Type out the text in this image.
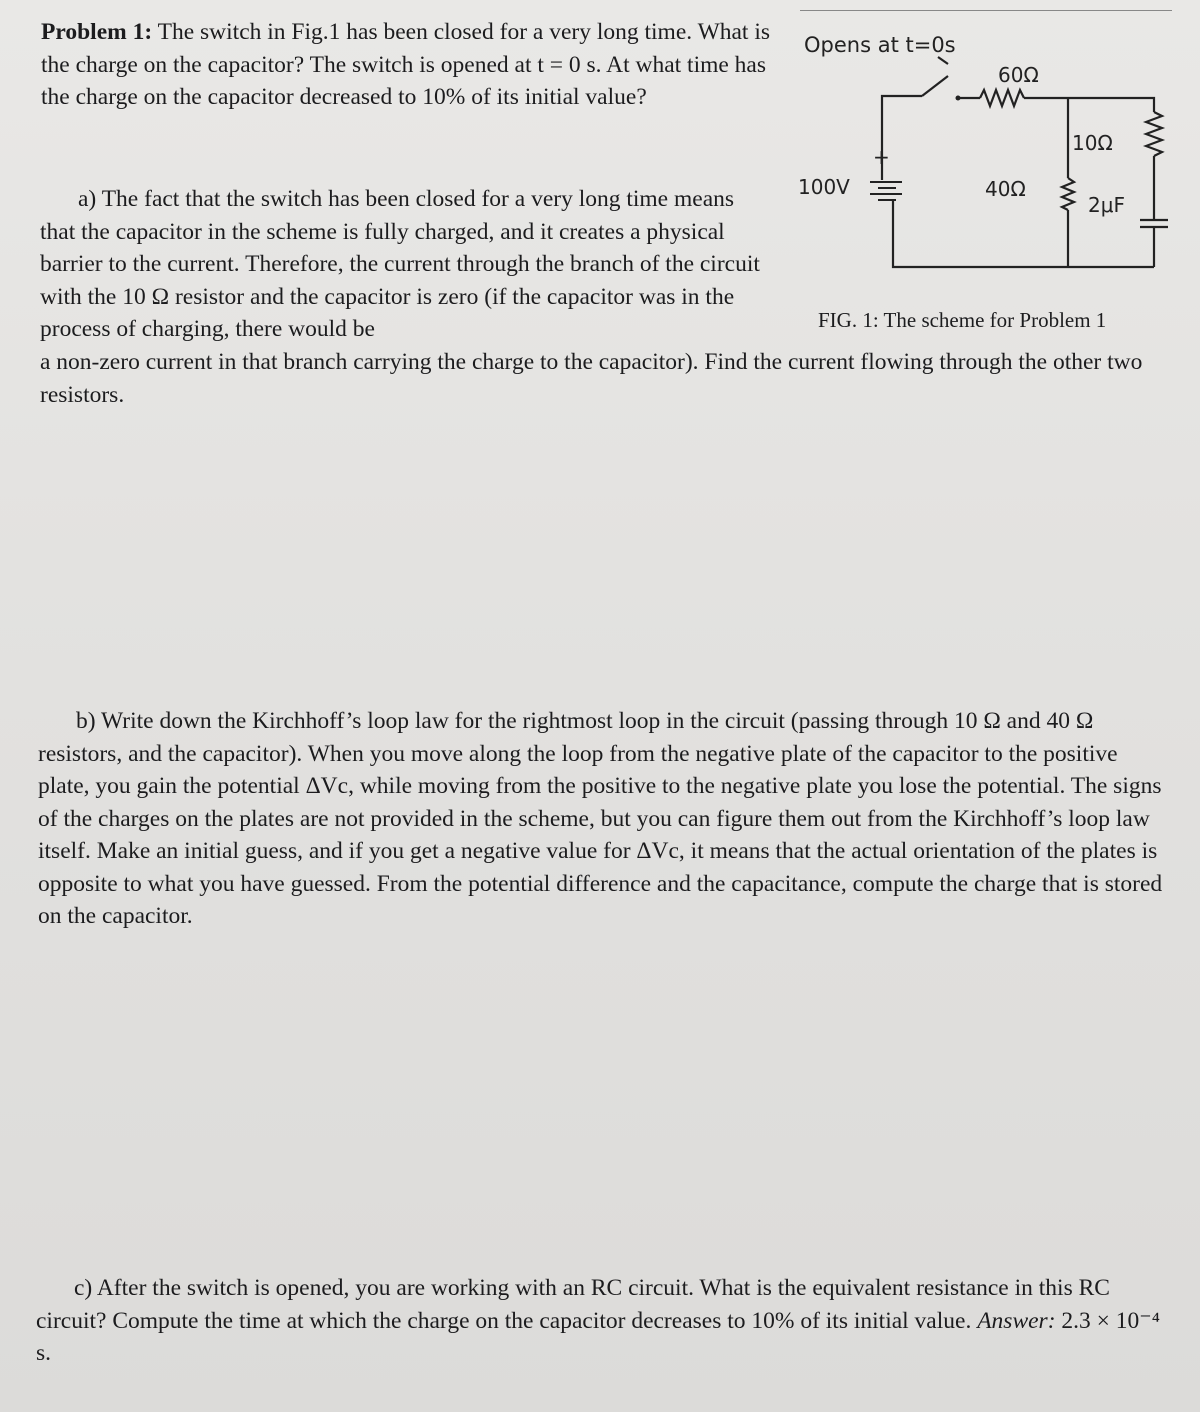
Problem 1: The switch in Fig.1 has been closed for a very long time. What is the charge on the capacitor? The switch is opened at t = 0 s. At what time has the charge on the capacitor decreased to 10% of its initial value?
Opens at t=0s
60Ω
10Ω
40Ω
2μF
100V
+
FIG. 1: The scheme for Problem 1
a) The fact that the switch has been closed for a very long time means that the capacitor in the scheme is fully charged, and it creates a physical barrier to the current. Therefore, the current through the branch of the circuit with the 10 Ω resistor and the capacitor is zero (if the capacitor was in the process of charging, there would be
a non-zero current in that branch carrying the charge to the capacitor). Find the current flowing through the other two resistors.
b) Write down the Kirchhoff’s loop law for the rightmost loop in the circuit (passing through 10 Ω and 40 Ω resistors, and the capacitor). When you move along the loop from the negative plate of the capacitor to the positive plate, you gain the potential ΔVc, while moving from the positive to the negative plate you lose the potential. The signs of the charges on the plates are not provided in the scheme, but you can figure them out from the Kirchhoff’s loop law itself. Make an initial guess, and if you get a negative value for ΔVc, it means that the actual orientation of the plates is opposite to what you have guessed. From the potential difference and the capacitance, compute the charge that is stored on the capacitor.
c) After the switch is opened, you are working with an RC circuit. What is the equivalent resistance in this RC circuit? Compute the time at which the charge on the capacitor decreases to 10% of its initial value. Answer: 2.3 × 10⁻⁴ s.
